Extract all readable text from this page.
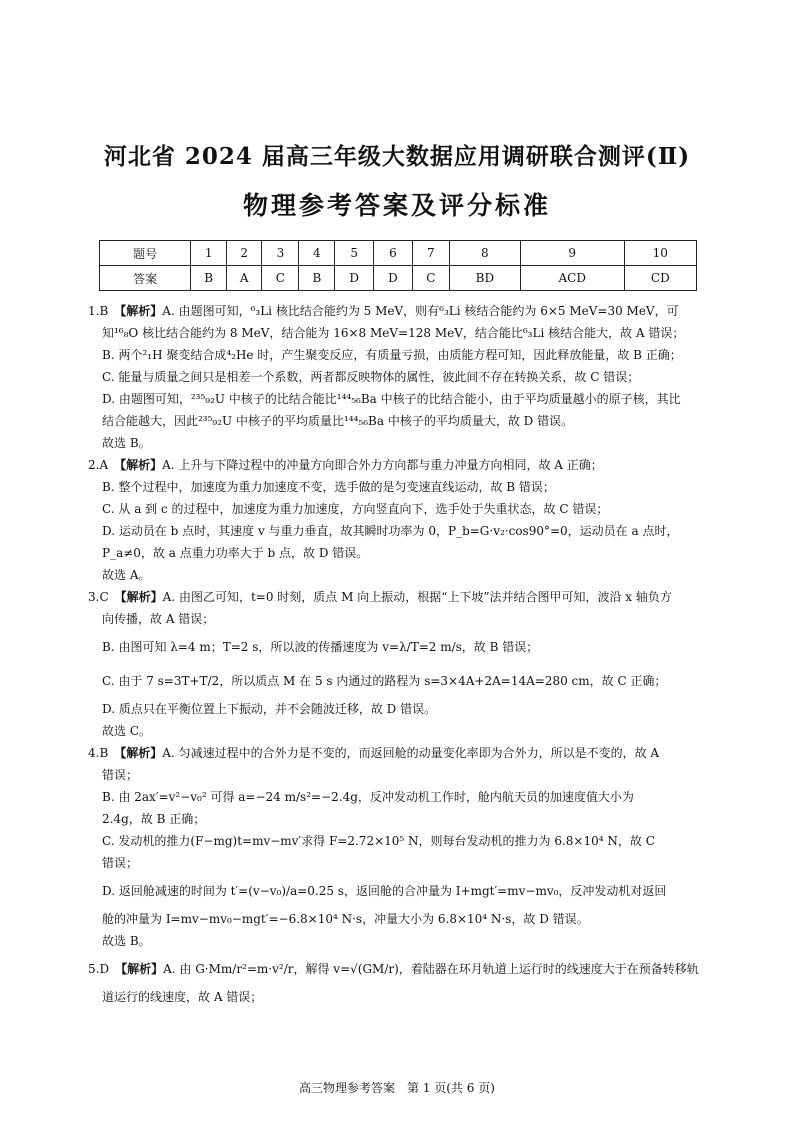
河北省 2024 届高三年级大数据应用调研联合测评(Ⅱ)
物理参考答案及评分标准
题号	1	2	3	4	5	6	7	8	9	10
答案	B	A	C	B	D	D	C	BD	ACD	CD
1.B 【解析】A. 由题图可知，⁶₃Li 核比结合能约为 5 MeV，则有⁶₃Li 核结合能约为 6×5 MeV=30 MeV，可
知¹⁶₈O 核比结合能约为 8 MeV，结合能为 16×8 MeV=128 MeV，结合能比⁶₃Li 核结合能大，故 A 错误；
B. 两个²₁H 聚变结合成⁴₂He 时，产生聚变反应，有质量亏损，由质能方程可知，因此释放能量，故 B 正确；
C. 能量与质量之间只是相差一个系数，两者都反映物体的属性，彼此间不存在转换关系，故 C 错误；
D. 由题图可知，²³⁵₉₂U 中核子的比结合能比¹⁴⁴₅₆Ba 中核子的比结合能小，由于平均质量越小的原子核，其比
结合能越大，因此²³⁵₉₂U 中核子的平均质量比¹⁴⁴₅₆Ba 中核子的平均质量大，故 D 错误。
故选 B。
2.A 【解析】A. 上升与下降过程中的冲量方向即合外力方向都与重力冲量方向相同，故 A 正确；
B. 整个过程中，加速度为重力加速度不变，选手做的是匀变速直线运动，故 B 错误；
C. 从 a 到 c 的过程中，加速度为重力加速度，方向竖直向下，选手处于失重状态，故 C 错误；
D. 运动员在 b 点时，其速度 v 与重力垂直，故其瞬时功率为 0，P_b=G·v₂·cos90°=0，运动员在 a 点时，
P_a≠0，故 a 点重力功率大于 b 点，故 D 错误。
故选 A。
3.C 【解析】A. 由图乙可知，t=0 时刻，质点 M 向上振动，根据“上下坡”法并结合图甲可知，波沿 x 轴负方
向传播，故 A 错误；
B. 由图可知 λ=4 m；T=2 s，所以波的传播速度为 v=λ/T=2 m/s，故 B 错误；
C. 由于 7 s=3T+T/2，所以质点 M 在 5 s 内通过的路程为 s=3×4A+2A=14A=280 cm，故 C 正确；
D. 质点只在平衡位置上下振动，并不会随波迁移，故 D 错误。
故选 C。
4.B 【解析】A. 匀减速过程中的合外力是不变的，而返回舱的动量变化率即为合外力，所以是不变的，故 A
错误；
B. 由 2ax′=v²−v₀² 可得 a=−24 m/s²=−2.4g，反冲发动机工作时，舱内航天员的加速度值大小为
2.4g，故 B 正确；
C. 发动机的推力(F−mg)t=mv−mv′求得 F=2.72×10⁵ N，则每台发动机的推力为 6.8×10⁴ N，故 C
错误；
D. 返回舱减速的时间为 t′=(v−v₀)/a=0.25 s，返回舱的合冲量为 I+mgt′=mv−mv₀，反冲发动机对返回
舱的冲量为 I=mv−mv₀−mgt′=−6.8×10⁴ N·s，冲量大小为 6.8×10⁴ N·s，故 D 错误。
故选 B。
5.D 【解析】A. 由 G·Mm/r²=m·v²/r，解得 v=√(GM/r)，着陆器在环月轨道上运行时的线速度大于在预备转移轨
道运行的线速度，故 A 错误；
高三物理参考答案　第 1 页(共 6 页)
